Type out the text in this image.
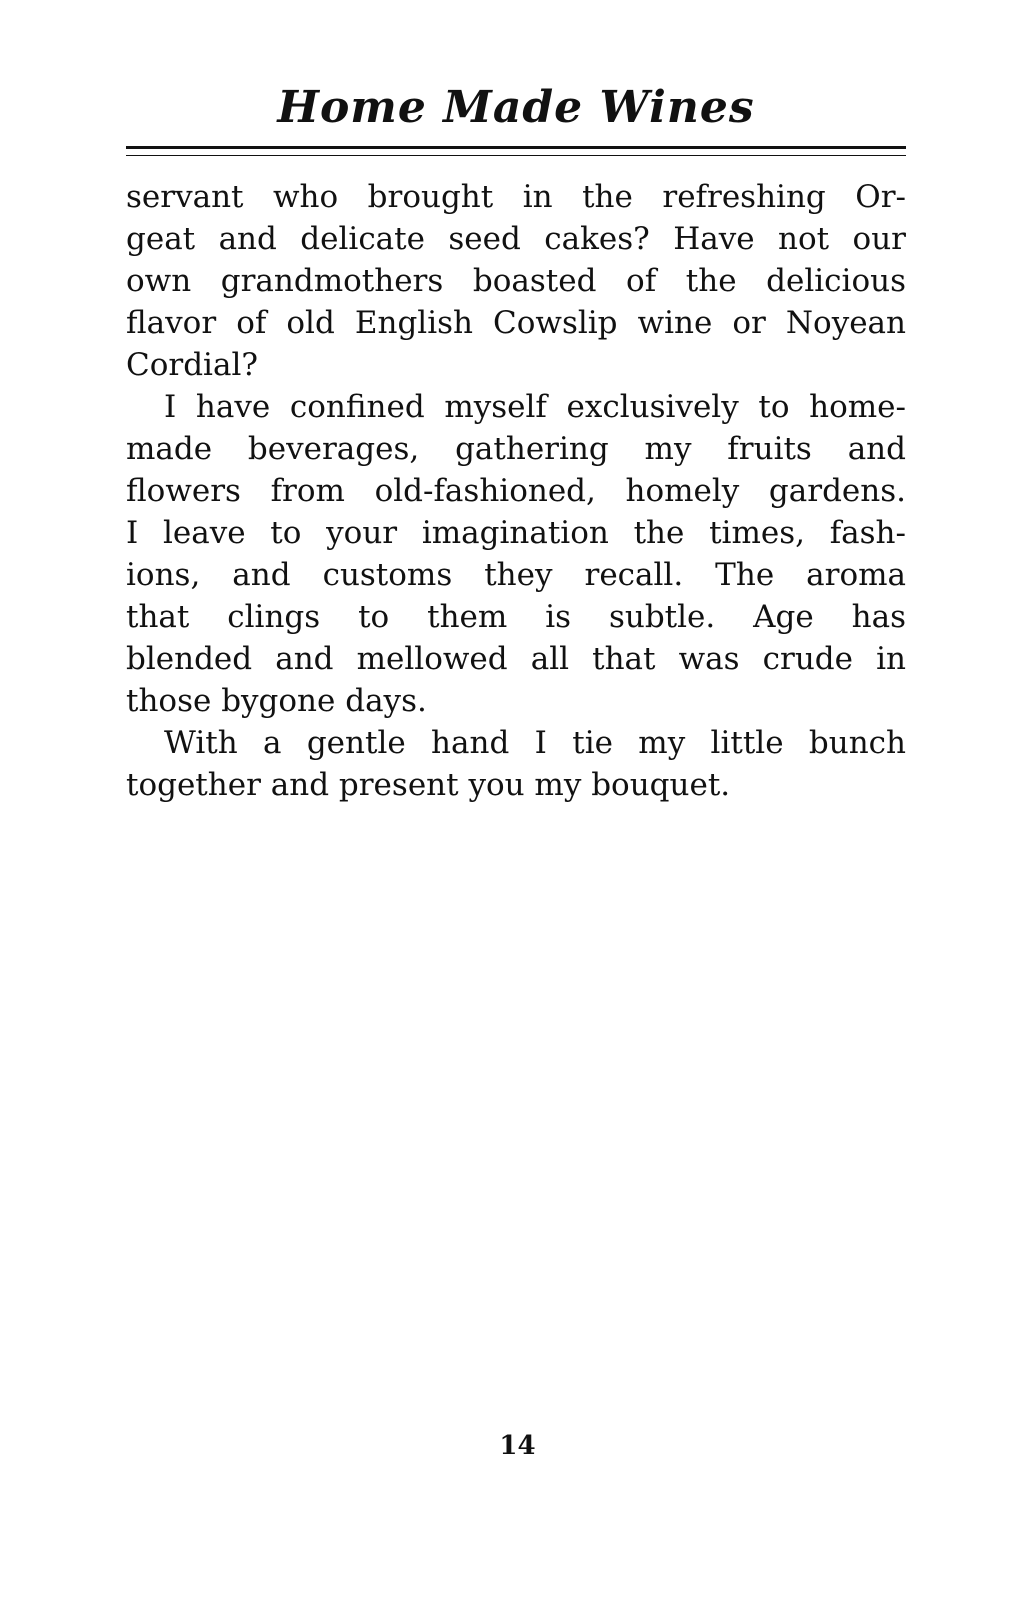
Home Made Wines
servant who brought in the refreshing Or-
geat and delicate seed cakes? Have not our
own grandmothers boasted of the delicious
flavor of old English Cowslip wine or Noyean
Cordial?
I have confined myself exclusively to home-
made beverages, gathering my fruits and
flowers from old-fashioned, homely gardens.
I leave to your imagination the times, fash-
ions, and customs they recall. The aroma
that clings to them is subtle. Age has
blended and mellowed all that was crude in
those bygone days.
With a gentle hand I tie my little bunch
together and present you my bouquet.
14
